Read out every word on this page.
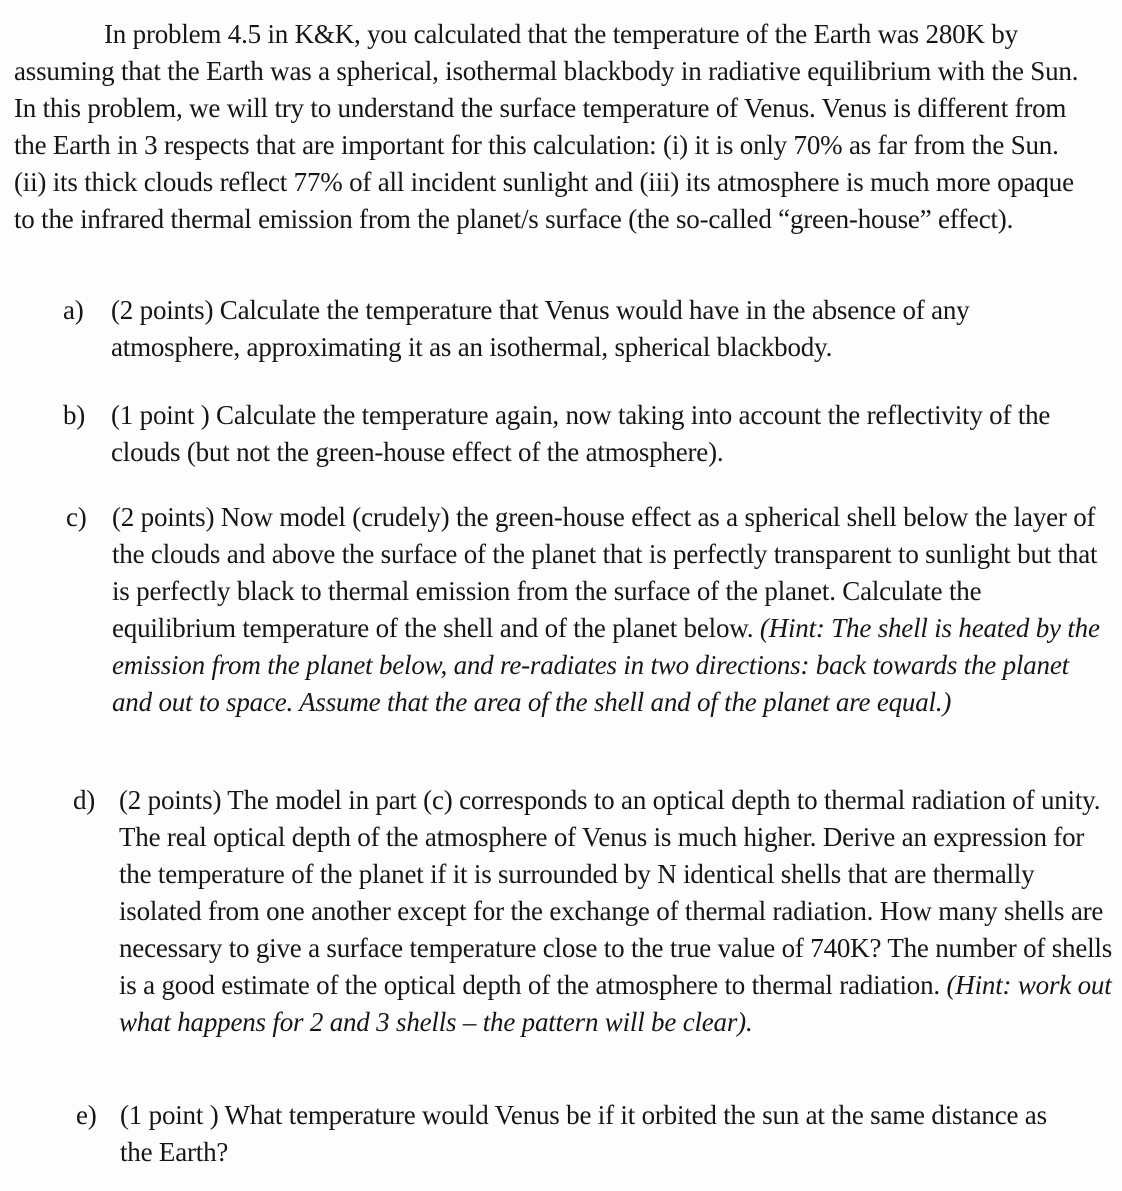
In problem 4.5 in K&K, you calculated that the temperature of the Earth was 280K by assuming that the Earth was a spherical, isothermal blackbody in radiative equilibrium with the Sun. In this problem, we will try to understand the surface temperature of Venus. Venus is different from the Earth in 3 respects that are important for this calculation: (i) it is only 70% as far from the Sun. (ii) its thick clouds reflect 77% of all incident sunlight and (iii) its atmosphere is much more opaque to the infrared thermal emission from the planet/s surface (the so-called “green-house” effect).

a)	(2 points) Calculate the temperature that Venus would have in the absence of any atmosphere, approximating it as an isothermal, spherical blackbody.

b) (1 point ) Calculate the temperature again, now taking into account the reflectivity of the clouds (but not the green-house effect of the atmosphere).

c) (2 points) Now model (crudely) the green-house effect as a spherical shell below the layer of the clouds and above the surface of the planet that is perfectly transparent to sunlight but that is perfectly black to thermal emission from the surface of the planet. Calculate the equilibrium temperature of the shell and of the planet below. (Hint: The shell is heated by the emission from the planet below, and re-radiates in two directions: back towards the planet and out to space. Assume that the area of the shell and of the planet are equal.)

d) (2 points) The model in part (c) corresponds to an optical depth to thermal radiation of unity. The real optical depth of the atmosphere of Venus is much higher. Derive an expression for the temperature of the planet if it is surrounded by N identical shells that are thermally isolated from one another except for the exchange of thermal radiation. How many shells are necessary to give a surface temperature close to the true value of 740K? The number of shells is a good estimate of the optical depth of the atmosphere to thermal radiation. (Hint: work out what happens for 2 and 3 shells – the pattern will be clear).

e) (1 point ) What temperature would Venus be if it orbited the sun at the same distance as the Earth?
